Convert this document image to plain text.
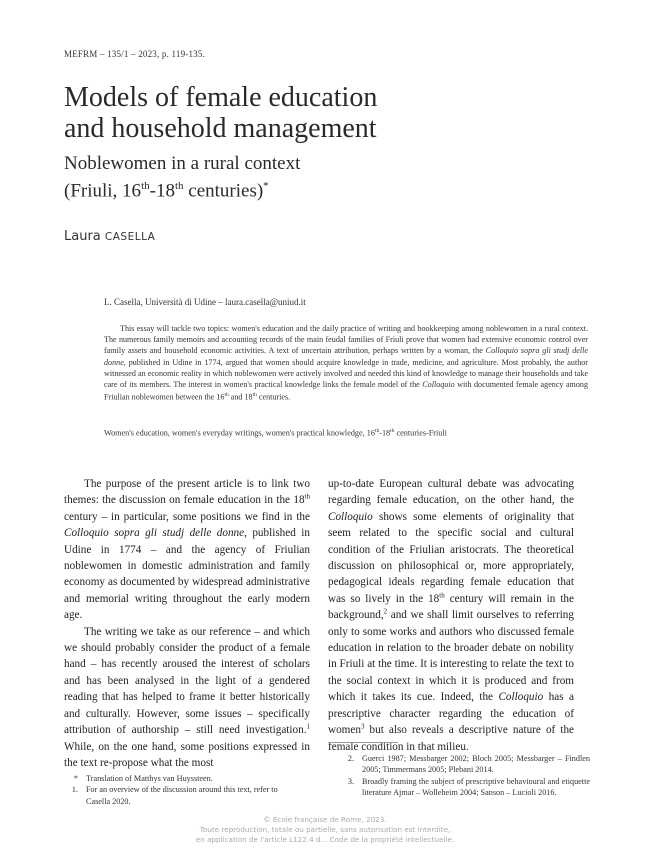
MEFRM – 135/1 – 2023, p. 119-135.
Models of female education
and household management
Noblewomen in a rural context
(Friuli, 16th-18th centuries)*
Laura CASELLA
L. Casella, Università di Udine – laura.casella@uniud.it
This essay will tackle two topics: women's education and the daily practice of writing and bookkeeping among noblewomen in a rural context. The numerous family memoirs and accounting records of the main feudal families of Friuli prove that women had extensive economic control over family assets and household economic activities. A text of uncertain attribution, perhaps written by a woman, the Colloquio sopra gli studj delle donne, published in Udine in 1774, argued that women should acquire knowledge in trade, medicine, and agriculture. Most probably, the author witnessed an economic reality in which noblewomen were actively involved and needed this kind of knowledge to manage their households and take care of its members. The interest in women's practical knowledge links the female model of the Colloquio with documented female agency among Friulian noblewomen between the 16th and 18th centuries.
Women's education, women's everyday writings, women's practical knowledge, 16th-18th centuries-Friuli

The purpose of the present article is to link two themes: the discussion on female education in the 18th century – in particular, some positions we find in the Colloquio sopra gli studj delle donne, published in Udine in 1774 – and the agency of Friulian noblewomen in domestic administration and family economy as documented by widespread administrative and memorial writing throughout the early modern age.

The writing we take as our reference – and which we should probably consider the product of a female hand – has recently aroused the interest of scholars and has been analysed in the light of a gendered reading that has helped to frame it better historically and culturally. However, some issues – specifically attribution of authorship – still need investigation.$^1$ While, on the one hand, some positions expressed in the text re-propose what the most

up-to-date European cultural debate was advocating regarding female education, on the other hand, the Colloquio shows some elements of originality that seem related to the specific social and cultural condition of the Friulian aristocrats. The theoretical discussion on philosophical or, more appropriately, pedagogical ideals regarding female education that was so lively in the 18th century will remain in the background,$^2$ and we shall limit ourselves to referring only to some works and authors who discussed female education in relation to the broader debate on nobility in Friuli at the time. It is interesting to relate the text to the social context in which it is produced and from which it takes its cue. Indeed, the Colloquio has a prescriptive character regarding the education of women$^3$ but also reveals a descriptive nature of the female condition in that milieu.

* Translation of Matthys van Huyssteen.
1. For an overview of the discussion around this text, refer to Casella 2020.
2. Guerci 1987; Messbarger 2002; Bloch 2005; Messbarger – Findlen 2005; Timmermans 2005; Plebani 2014.
3. Broadly framing the subject of prescriptive behavioural and etiquette literature Ajmar – Wolleheim 2004; Sanson – Lucioli 2016.
© École française de Rome, 2023.
Toute reproduction, totale ou partielle, sans autorisation est interdite,
en application de l'article L122.4 d... Code de la propriété intellectuelle.
